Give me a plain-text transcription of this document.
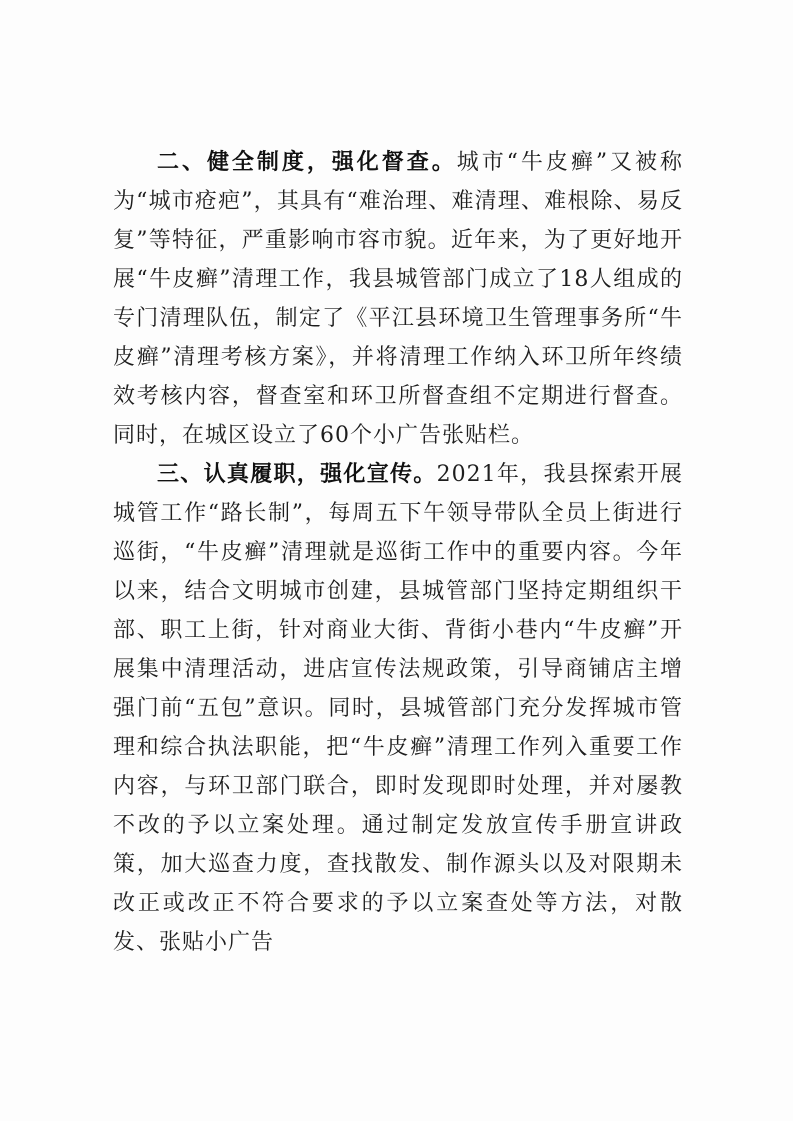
二、健全制度，强化督查。城市“牛皮癣”又被称为“城市疮疤”，其具有“难治理、难清理、难根除、易反复”等特征，严重影响市容市貌。近年来，为了更好地开展“牛皮癣”清理工作，我县城管部门成立了18人组成的专门清理队伍，制定了《平江县环境卫生管理事务所“牛皮癣”清理考核方案》，并将清理工作纳入环卫所年终绩效考核内容，督查室和环卫所督查组不定期进行督查。同时，在城区设立了60个小广告张贴栏。

三、认真履职，强化宣传。2021年，我县探索开展城管工作“路长制”，每周五下午领导带队全员上街进行巡街，“牛皮癣”清理就是巡街工作中的重要内容。今年以来，结合文明城市创建，县城管部门坚持定期组织干部、职工上街，针对商业大街、背街小巷内“牛皮癣”开展集中清理活动，进店宣传法规政策，引导商铺店主增强门前“五包”意识。同时，县城管部门充分发挥城市管理和综合执法职能，把“牛皮癣”清理工作列入重要工作内容，与环卫部门联合，即时发现即时处理，并对屡教不改的予以立案处理。通过制定发放宣传手册宣讲政策，加大巡查力度，查找散发、制作源头以及对限期未改正或改正不符合要求的予以立案查处等方法，对散发、张贴小广告
